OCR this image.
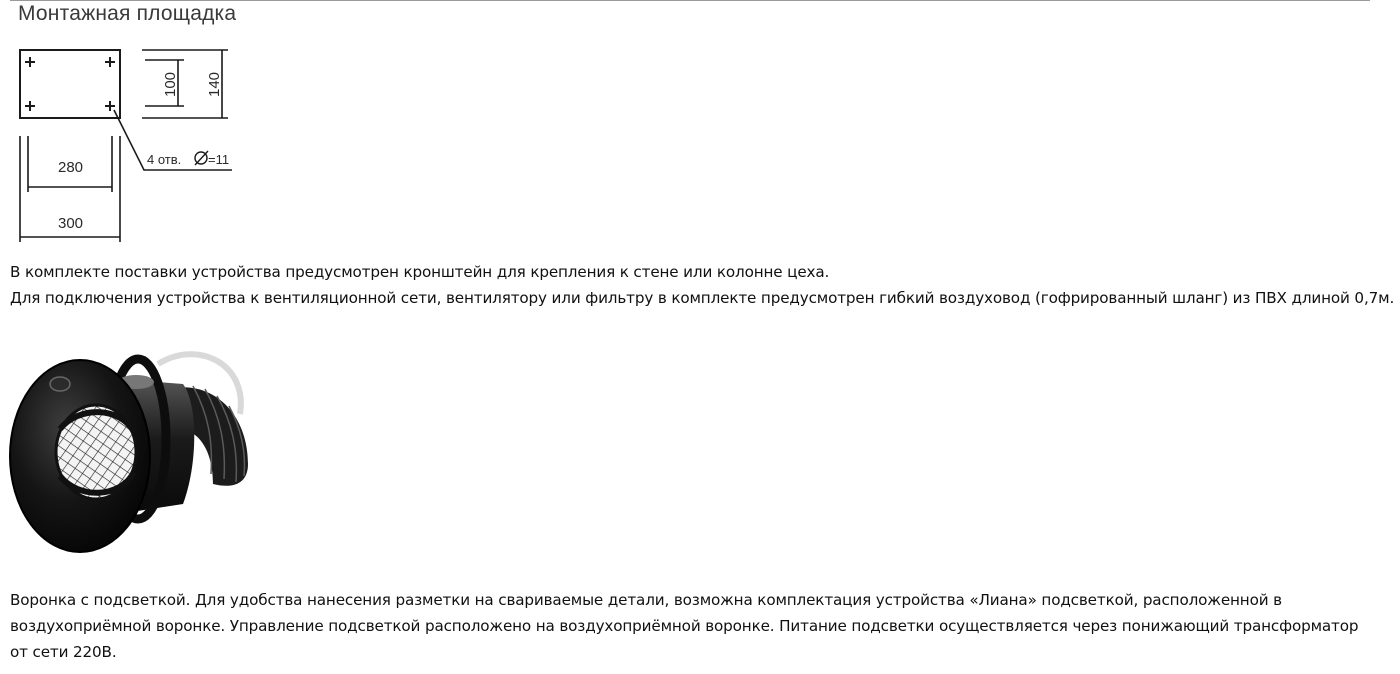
Монтажная площадка
280
300
100 140
4 отв. =11
В комплекте поставки устройства предусмотрен кронштейн для крепления к стене или колонне цеха.
Для подключения устройства к вентиляционной сети, вентилятору или фильтру в комплекте предусмотрен гибкий воздуховод (гофрированный шланг) из ПВХ длиной 0,7м.
Воронка с подсветкой. Для удобства нанесения разметки на свариваемые детали, возможна комплектация устройства «Лиана» подсветкой, расположенной в воздухоприёмной воронке. Управление подсветкой расположено на воздухоприёмной воронке. Питание подсветки осуществляется через понижающий трансформатор от сети 220В.
